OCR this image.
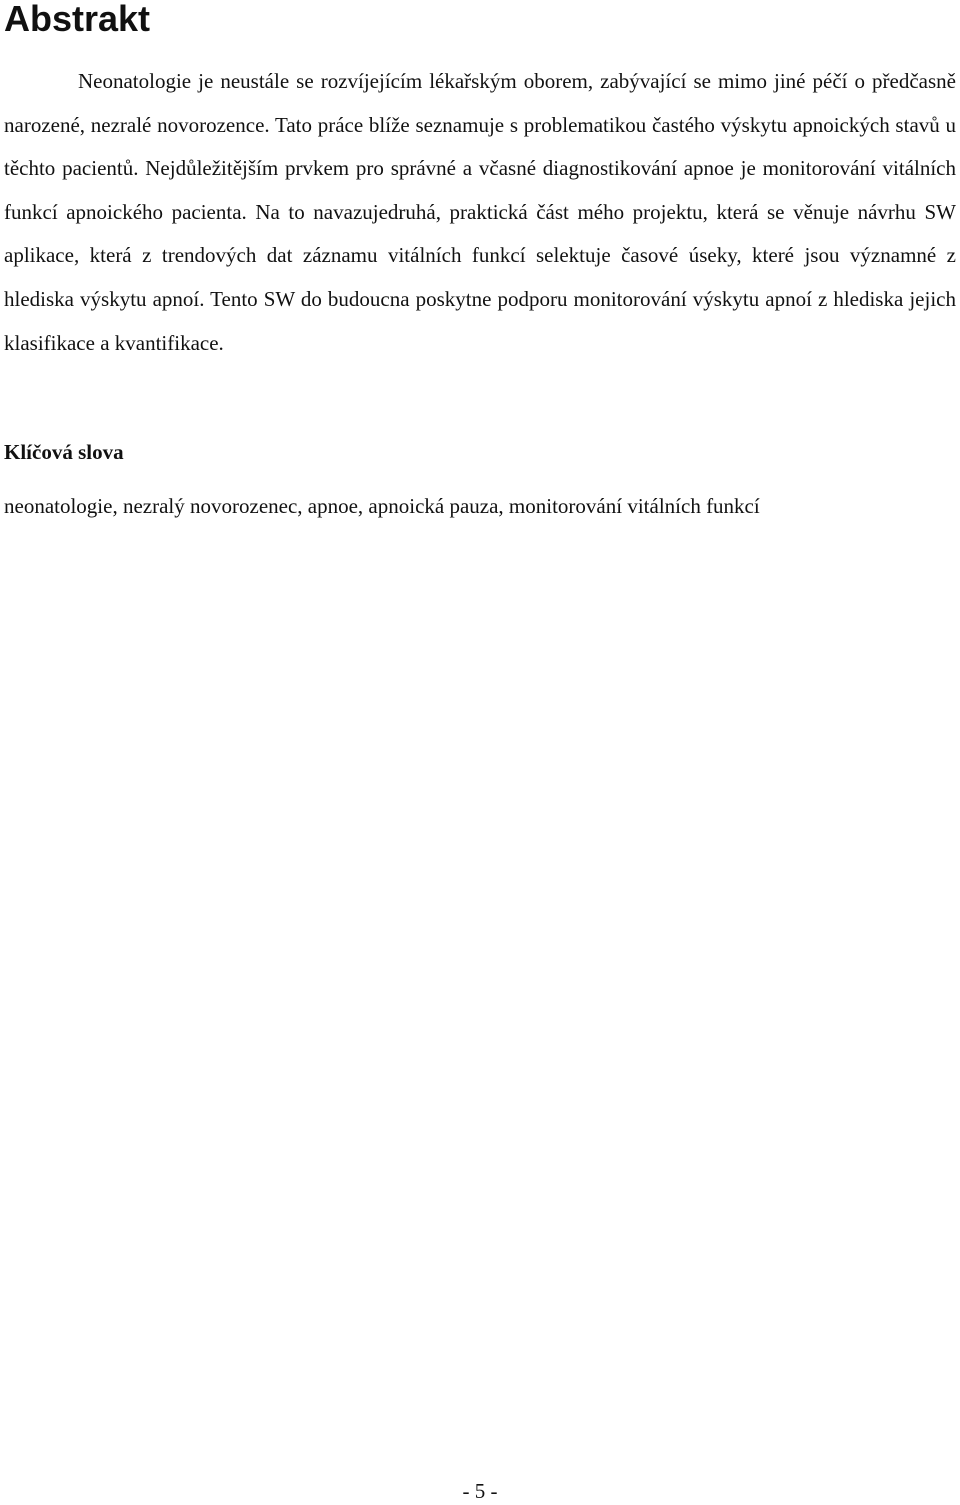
Abstrakt

Neonatologie je neustále se rozvíjejícím lékařským oborem, zabývající se mimo jiné péčí o předčasně narozené, nezralé novorozence. Tato práce blíže seznamuje s problematikou častého výskytu apnoických stavů u těchto pacientů. Nejdůležitějším prvkem pro správné a včasné diagnostikování apnoe je monitorování vitálních funkcí apnoického pacienta. Na to navazujedruhá, praktická část mého projektu, která se věnuje návrhu SW aplikace, která z trendových dat záznamu vitálních funkcí selektuje časové úseky, které jsou významné z hlediska výskytu apnoí. Tento SW do budoucna poskytne podporu monitorování výskytu apnoí z hlediska jejich klasifikace a kvantifikace.

Klíčová slova

neonatologie, nezralý novorozenec, apnoe, apnoická pauza, monitorování vitálních funkcí

- 5 -
